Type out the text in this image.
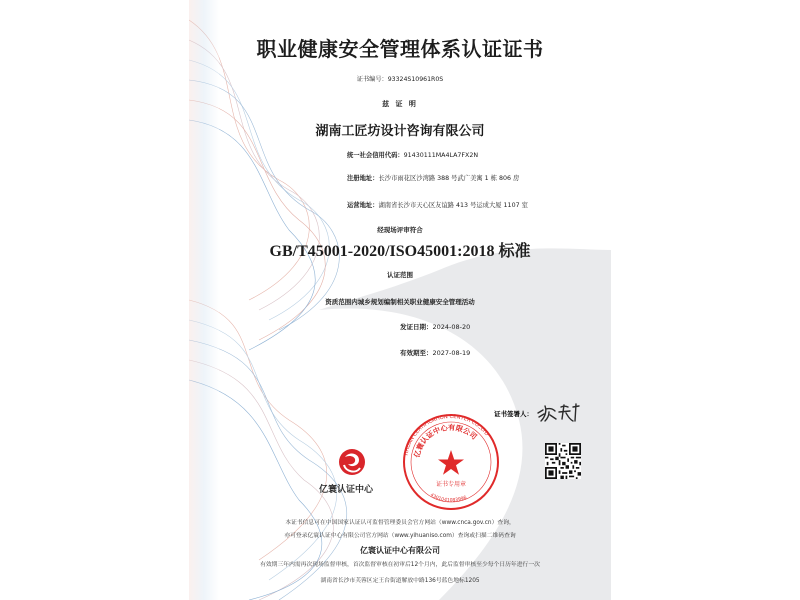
职业健康安全管理体系认证证书
证书编号：93324S10961R0S
兹 证 明
湖南工匠坊设计咨询有限公司
统一社会信用代码：91430111MA4LA7FX2N
注册地址：长沙市雨花区沙湾路 388 号武广美寓 1 栋 806 房
运营地址：湖南省长沙市天心区友谊路 413 号运成大厦 1107 室
经现场评审符合
GB/T45001-2020/ISO45001:2018 标准
认证范围
资质范围内城乡规划编制相关职业健康安全管理活动
发证日期：2024-08-20
有效期至：2027-08-19
证书签署人：
亿寰认证中心
YIHUAN CERTIFICATION CENTER CO.,LTD
亿寰认证中心有限公司
证书专用章
4301041083996
本证书信息可在中国国家认证认可监督管理委员会官方网站（www.cnca.gov.cn）查询，
亦可登录亿寰认证中心有限公司官方网站（www.yihuaniso.com）查询或扫描二维码查询
亿寰认证中心有限公司
有效期三年内需再次现场监督审核，首次监督审核在初审后12个月内，此后监督审核至少每个日历年进行一次
湖南省长沙市芙蓉区定王台街道解放中路136号蓝色地标1205
